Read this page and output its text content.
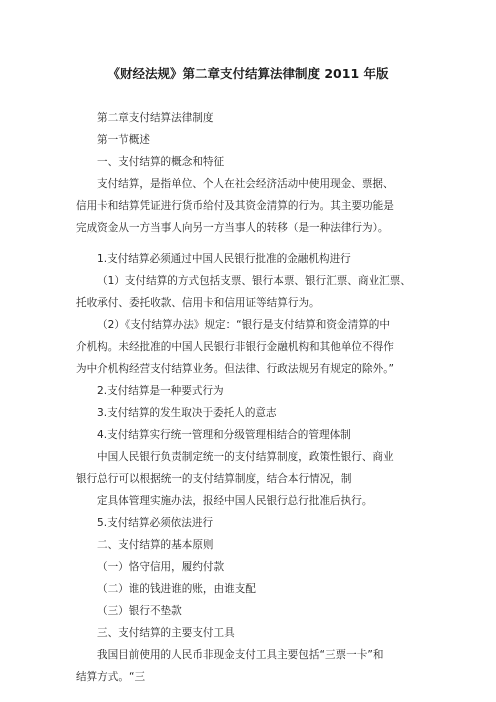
《财经法规》第二章支付结算法律制度 2011 年版
第二章支付结算法律制度
第一节概述
一、支付结算的概念和特征
支付结算，是指单位、个人在社会经济活动中使用现金、票据、
信用卡和结算凭证进行货币给付及其资金清算的行为。其主要功能是
完成资金从一方当事人向另一方当事人的转移（是一种法律行为）。
1.支付结算必须通过中国人民银行批准的金融机构进行
（1）支付结算的方式包括支票、银行本票、银行汇票、商业汇票、
托收承付、委托收款、信用卡和信用证等结算行为。
（2）《支付结算办法》规定：“银行是支付结算和资金清算的中
介机构。未经批准的中国人民银行非银行金融机构和其他单位不得作
为中介机构经营支付结算业务。但法律、行政法规另有规定的除外。”
2.支付结算是一种要式行为
3.支付结算的发生取决于委托人的意志
4.支付结算实行统一管理和分级管理相结合的管理体制
中国人民银行负责制定统一的支付结算制度，政策性银行、商业
银行总行可以根据统一的支付结算制度，结合本行情况，制
定具体管理实施办法，报经中国人民银行总行批准后执行。
5.支付结算必须依法进行
二、支付结算的基本原则
（一）恪守信用，履约付款
（二）谁的钱进谁的账，由谁支配
（三）银行不垫款
三、支付结算的主要支付工具
我国目前使用的人民币非现金支付工具主要包括“三票一卡”和
结算方式。“三
